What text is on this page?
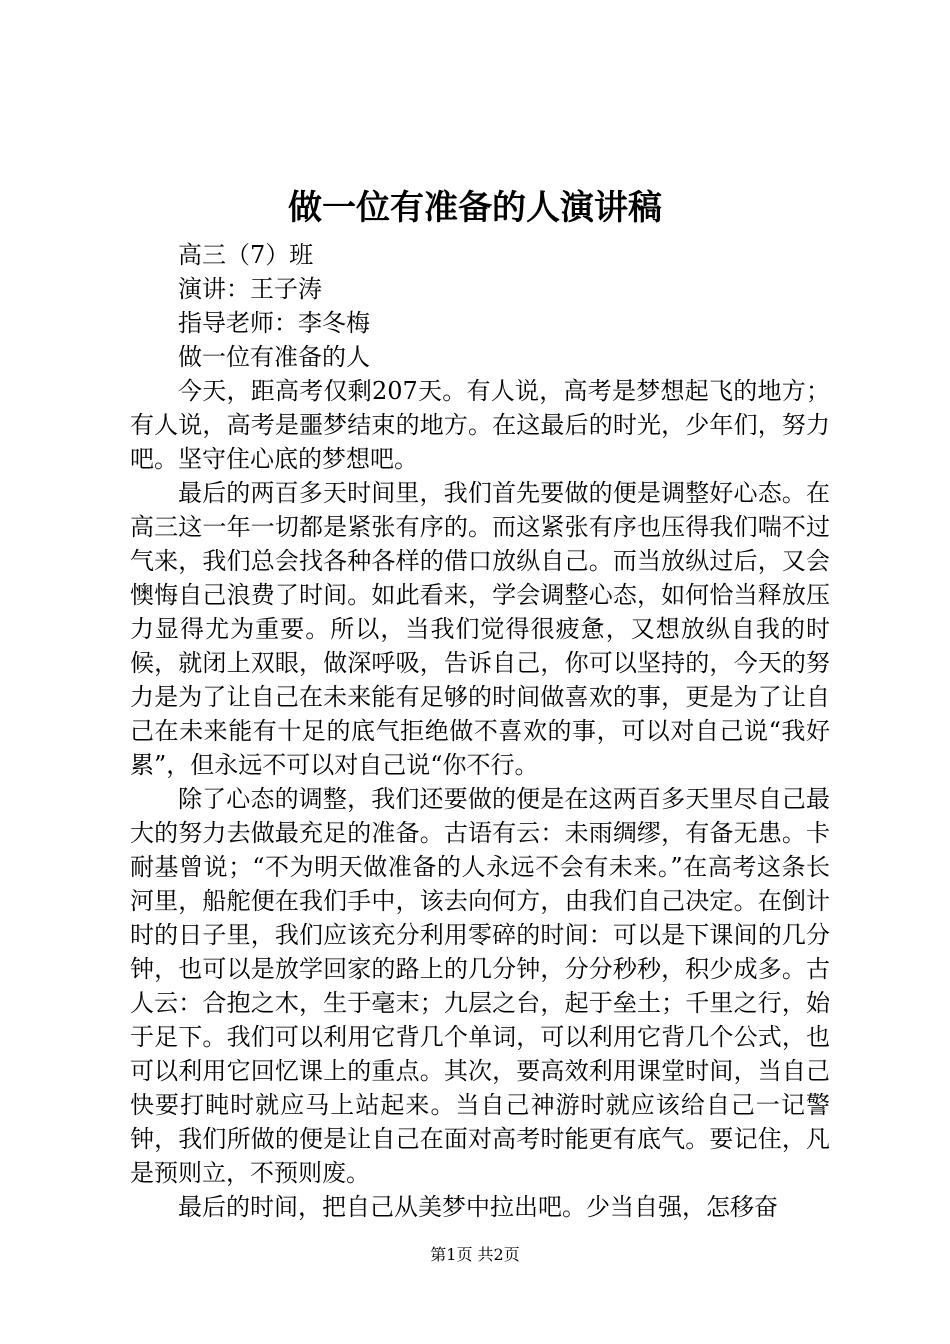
做一位有准备的人演讲稿

高三（7）班

演讲：王子涛

指导老师：李冬梅

做一位有准备的人

今天，距高考仅剩207天。有人说，高考是梦想起飞的地方；有人说，高考是噩梦结束的地方。在这最后的时光，少年们，努力吧。坚守住心底的梦想吧。

最后的两百多天时间里，我们首先要做的便是调整好心态。在高三这一年一切都是紧张有序的。而这紧张有序也压得我们喘不过气来，我们总会找各种各样的借口放纵自己。而当放纵过后，又会懊悔自己浪费了时间。如此看来，学会调整心态，如何恰当释放压力显得尤为重要。所以，当我们觉得很疲惫，又想放纵自我的时候，就闭上双眼，做深呼吸，告诉自己，你可以坚持的，今天的努力是为了让自己在未来能有足够的时间做喜欢的事，更是为了让自己在未来能有十足的底气拒绝做不喜欢的事，可以对自己说“我好累”，但永远不可以对自己说“你不行。

除了心态的调整，我们还要做的便是在这两百多天里尽自己最大的努力去做最充足的准备。古语有云：未雨绸缪，有备无患。卡耐基曾说；“不为明天做准备的人永远不会有未来。”在高考这条长河里，船舵便在我们手中，该去向何方，由我们自己决定。在倒计时的日子里，我们应该充分利用零碎的时间：可以是下课间的几分钟，也可以是放学回家的路上的几分钟，分分秒秒，积少成多。古人云：合抱之木，生于毫末；九层之台，起于垒土；千里之行，始于足下。我们可以利用它背几个单词，可以利用它背几个公式，也可以利用它回忆课上的重点。其次，要高效利用课堂时间，当自己快要打盹时就应马上站起来。当自己神游时就应该给自己一记警钟，我们所做的便是让自己在面对高考时能更有底气。要记住，凡是预则立，不预则废。

最后的时间，把自己从美梦中拉出吧。少当自强，怎移奋

第1页 共2页
